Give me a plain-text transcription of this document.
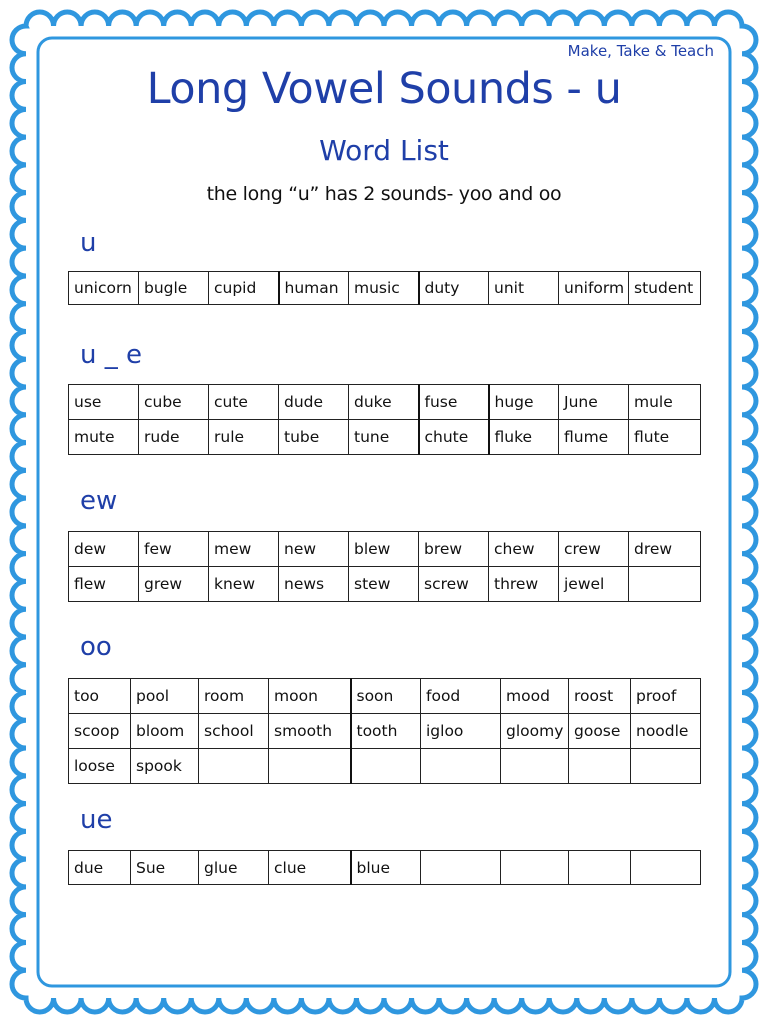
Make, Take & Teach
Long Vowel Sounds - u
Word List
the long “u” has 2 sounds- yoo and oo
u
unicorn	bugle	cupid	human	music	duty	unit	uniform	student
u _ e
use	cube	cute	dude	duke	fuse	huge	June	mule
mute	rude	rule	tube	tune	chute	fluke	flume	flute
ew
dew	few	mew	new	blew	brew	chew	crew	drew
flew	grew	knew	news	stew	screw	threw	jewel	
oo
too	pool	room	moon	soon	food	mood	roost	proof
scoop	bloom	school	smooth	tooth	igloo	gloomy	goose	noodle
loose	spook							
ue
due	Sue	glue	clue	blue				
